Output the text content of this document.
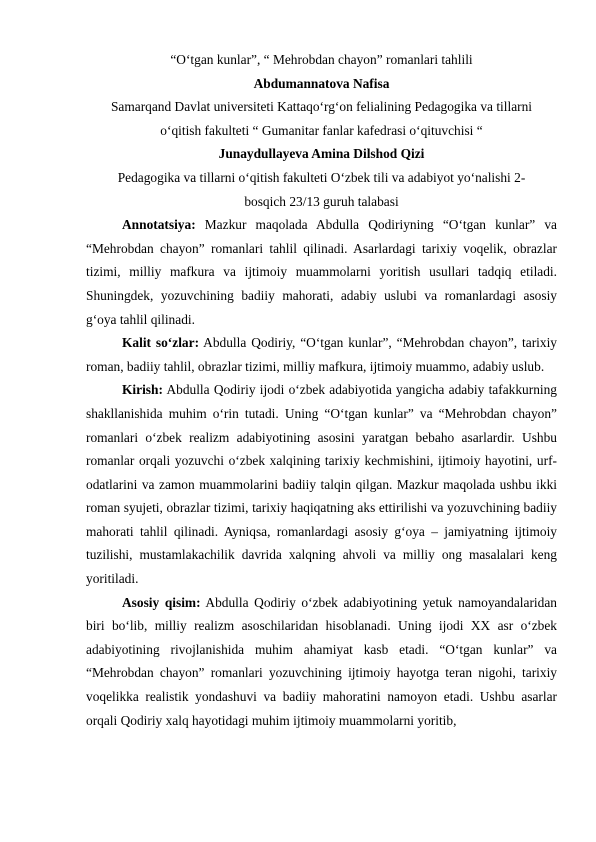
“O‘tgan kunlar”, “ Mehrobdan chayon” romanlari tahlili

Abdumannatova Nafisa

Samarqand Davlat universiteti Kattaqo‘rg‘on felialining Pedagogika va tillarni

o‘qitish fakulteti “ Gumanitar fanlar kafedrasi o‘qituvchisi “

Junaydullayeva Amina Dilshod Qizi

Pedagogika va tillarni o‘qitish fakulteti O‘zbek tili va adabiyot yo‘nalishi 2-

bosqich 23/13 guruh talabasi

Annotatsiya: Mazkur maqolada Abdulla Qodiriyning “O‘tgan kunlar” va “Mehrobdan chayon” romanlari tahlil qilinadi. Asarlardagi tarixiy voqelik, obrazlar tizimi, milliy mafkura va ijtimoiy muammolarni yoritish usullari tadqiq etiladi. Shuningdek, yozuvchining badiiy mahorati, adabiy uslubi va romanlardagi asosiy g‘oya tahlil qilinadi.

Kalit so‘zlar: Abdulla Qodiriy, “O‘tgan kunlar”, “Mehrobdan chayon”, tarixiy roman, badiiy tahlil, obrazlar tizimi, milliy mafkura, ijtimoiy muammo, adabiy uslub.

Kirish: Abdulla Qodiriy ijodi o‘zbek adabiyotida yangicha adabiy tafakkurning shakllanishida muhim o‘rin tutadi. Uning “O‘tgan kunlar” va “Mehrobdan chayon” romanlari o‘zbek realizm adabiyotining asosini yaratgan bebaho asarlardir. Ushbu romanlar orqali yozuvchi o‘zbek xalqining tarixiy kechmishini, ijtimoiy hayotini, urf-odatlarini va zamon muammolarini badiiy talqin qilgan. Mazkur maqolada ushbu ikki roman syujeti, obrazlar tizimi, tarixiy haqiqatning aks ettirilishi va yozuvchining badiiy mahorati tahlil qilinadi. Ayniqsa, romanlardagi asosiy g‘oya – jamiyatning ijtimoiy tuzilishi, mustamlakachilik davrida xalqning ahvoli va milliy ong masalalari keng yoritiladi.

Asosiy qisim: Abdulla Qodiriy o‘zbek adabiyotining yetuk namoyandalaridan biri bo‘lib, milliy realizm asoschilaridan hisoblanadi. Uning ijodi XX asr o‘zbek adabiyotining rivojlanishida muhim ahamiyat kasb etadi. “O‘tgan kunlar” va “Mehrobdan chayon” romanlari yozuvchining ijtimoiy hayotga teran nigohi, tarixiy voqelikka realistik yondashuvi va badiiy mahoratini namoyon etadi. Ushbu asarlar orqali Qodiriy xalq hayotidagi muhim ijtimoiy muammolarni yoritib,
